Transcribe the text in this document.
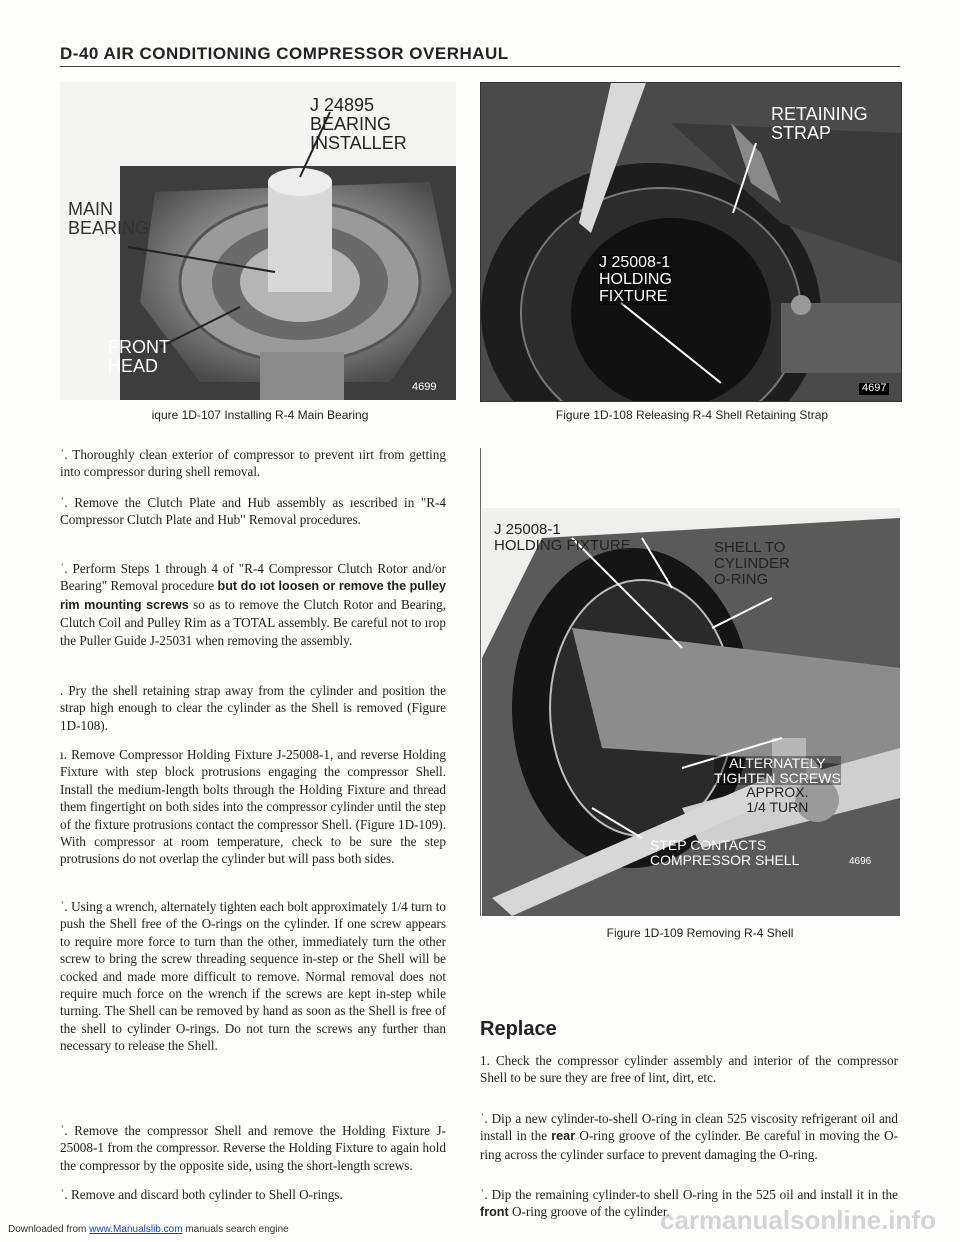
D-40 AIR CONDITIONING COMPRESSOR OVERHAUL
J 24895
BEARING
INSTALLER
MAIN
BEARING
FRONT
HEAD
4699
iqure 1D-107 Installing R-4 Main Bearing
RETAINING
STRAP
J 25008-1
HOLDING
FIXTURE
4697
Figure 1D-108 Releasing R-4 Shell Retaining Strap
SHELL TO
CYLINDER
O-RING
ALTERNATELY
TIGHTEN SCREWS
APPROX.
1/4 TURN
STEP CONTACTS
COMPRESSOR SHELL	4696
J 25008-1
HOLDING FIXTURE
Figure 1D-109 Removing R-4 Shell

ˈ. Thoroughly clean exterior of compressor to prevent ıirt from getting into compressor during shell removal.

ˈ. Remove the Clutch Plate and Hub assembly as ıescribed in "R-4 Compressor Clutch Plate and Hub" Removal procedures.

ˈ. Perform Steps 1 through 4 of "R-4 Compressor Clutch Rotor and/or Bearing" Removal procedure but do ıot loosen or remove the pulley rim mounting screws so as to remove the Clutch Rotor and Bearing, Clutch Coil and Pulley Rim as a TOTAL assembly. Be careful not to ırop the Puller Guide J-25031 when removing the assembly.

. Pry the shell retaining strap away from the cylinder and position the strap high enough to clear the cylinder as the Shell is removed (Figure 1D-108).

ı. Remove Compressor Holding Fixture J-25008-1, and reverse Holding Fixture with step block protrusions engaging the compressor Shell. Install the medium-length bolts through the Holding Fixture and thread them fingertight on both sides into the compressor cylinder until the step of the fixture protrusions contact the compressor Shell. (Figure 1D-109). With compressor at room temperature, check to be sure the step protrusions do not overlap the cylinder but will pass both sides.

ˈ. Using a wrench, alternately tighten each bolt approximately 1/4 turn to push the Shell free of the O-rings on the cylinder. If one screw appears to require more force to turn than the other, immediately turn the other screw to bring the screw threading sequence in-step or the Shell will be cocked and made more difficult to remove. Normal removal does not require much force on the wrench if the screws are kept in-step while turning. The Shell can be removed by hand as soon as the Shell is free of the shell to cylinder O-rings. Do not turn the screws any further than necessary to release the Shell.

ˈ. Remove the compressor Shell and remove the Holding Fixture J-25008-1 from the compressor. Reverse the Holding Fixture to again hold the compressor by the opposite side, using the short-length screws.

ˈ. Remove and discard both cylinder to Shell O-rings.

Replace

1. Check the compressor cylinder assembly and interior of the compressor Shell to be sure they are free of lint, dirt, etc.

ˈ. Dip a new cylinder-to-shell O-ring in clean 525 viscosity refrigerant oil and install in the rear O-ring groove of the cylinder. Be careful in moving the O-ring across the cylinder surface to prevent damaging the O-ring.

ˈ. Dip the remaining cylinder-to shell O-ring in the 525 oil and install it in the front O-ring groove of the cylinder.

carmanualsonline.info
Downloaded from www.Manualslib.com manuals search engine
